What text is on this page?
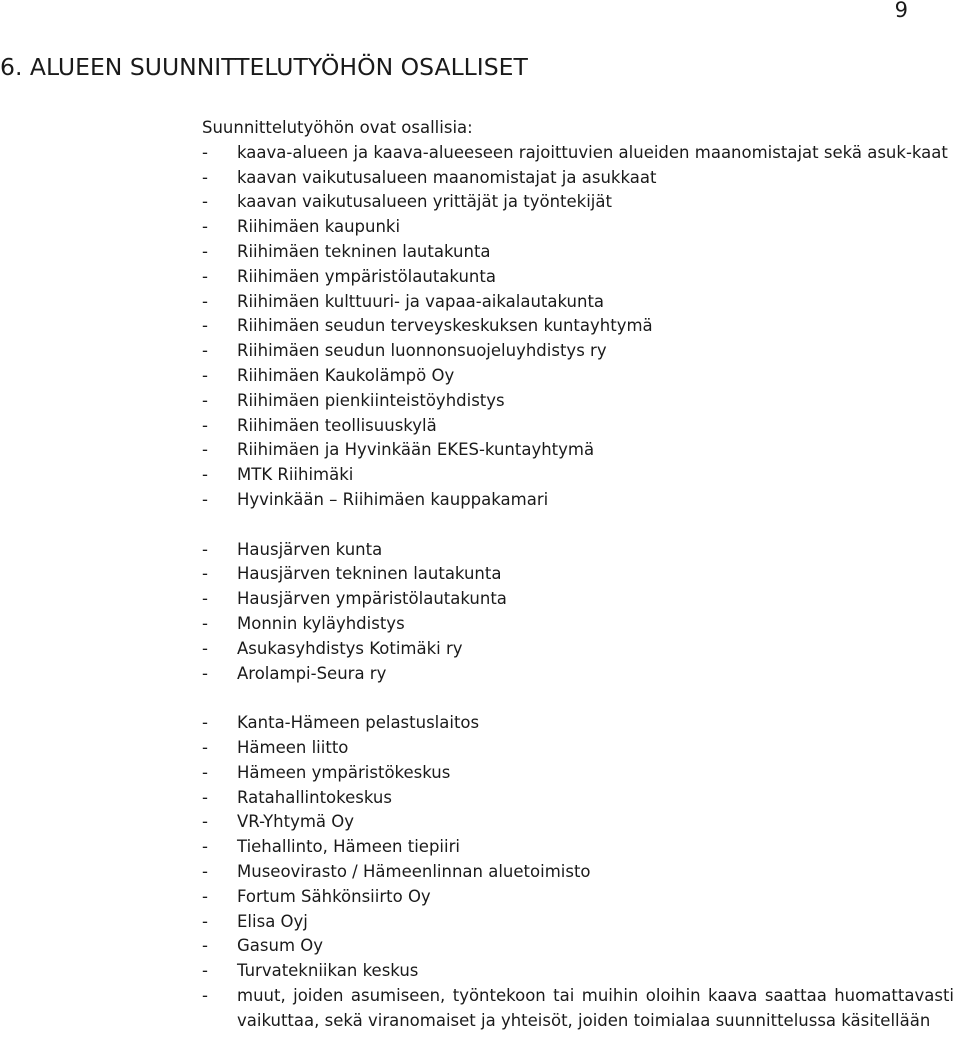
9
6. ALUEEN SUUNNITTELUTYÖHÖN OSALLISET

Suunnittelutyöhön ovat osallisia:

- kaava-alueen ja kaava-alueeseen rajoittuvien alueiden maanomistajat sekä asuk-kaat
- kaavan vaikutusalueen maanomistajat ja asukkaat
- kaavan vaikutusalueen yrittäjät ja työntekijät
- Riihimäen kaupunki
- Riihimäen tekninen lautakunta
- Riihimäen ympäristölautakunta
- Riihimäen kulttuuri- ja vapaa-aikalautakunta
- Riihimäen seudun terveyskeskuksen kuntayhtymä
- Riihimäen seudun luonnonsuojeluyhdistys ry
- Riihimäen Kaukolämpö Oy
- Riihimäen pienkiinteistöyhdistys
- Riihimäen teollisuuskylä
- Riihimäen ja Hyvinkään EKES-kuntayhtymä
- MTK Riihimäki
- Hyvinkään – Riihimäen kauppakamari
- Hausjärven kunta
- Hausjärven tekninen lautakunta
- Hausjärven ympäristölautakunta
- Monnin kyläyhdistys
- Asukasyhdistys Kotimäki ry
- Arolampi-Seura ry
- Kanta-Hämeen pelastuslaitos
- Hämeen liitto
- Hämeen ympäristökeskus
- Ratahallintokeskus
- VR-Yhtymä Oy
- Tiehallinto, Hämeen tiepiiri
- Museovirasto / Hämeenlinnan aluetoimisto
- Fortum Sähkönsiirto Oy
- Elisa Oyj
- Gasum Oy
- Turvatekniikan keskus
- muut, joiden asumiseen, työntekoon tai muihin oloihin kaava saattaa huomattavasti vaikuttaa, sekä viranomaiset ja yhteisöt, joiden toimialaa suunnittelussa käsitellään
